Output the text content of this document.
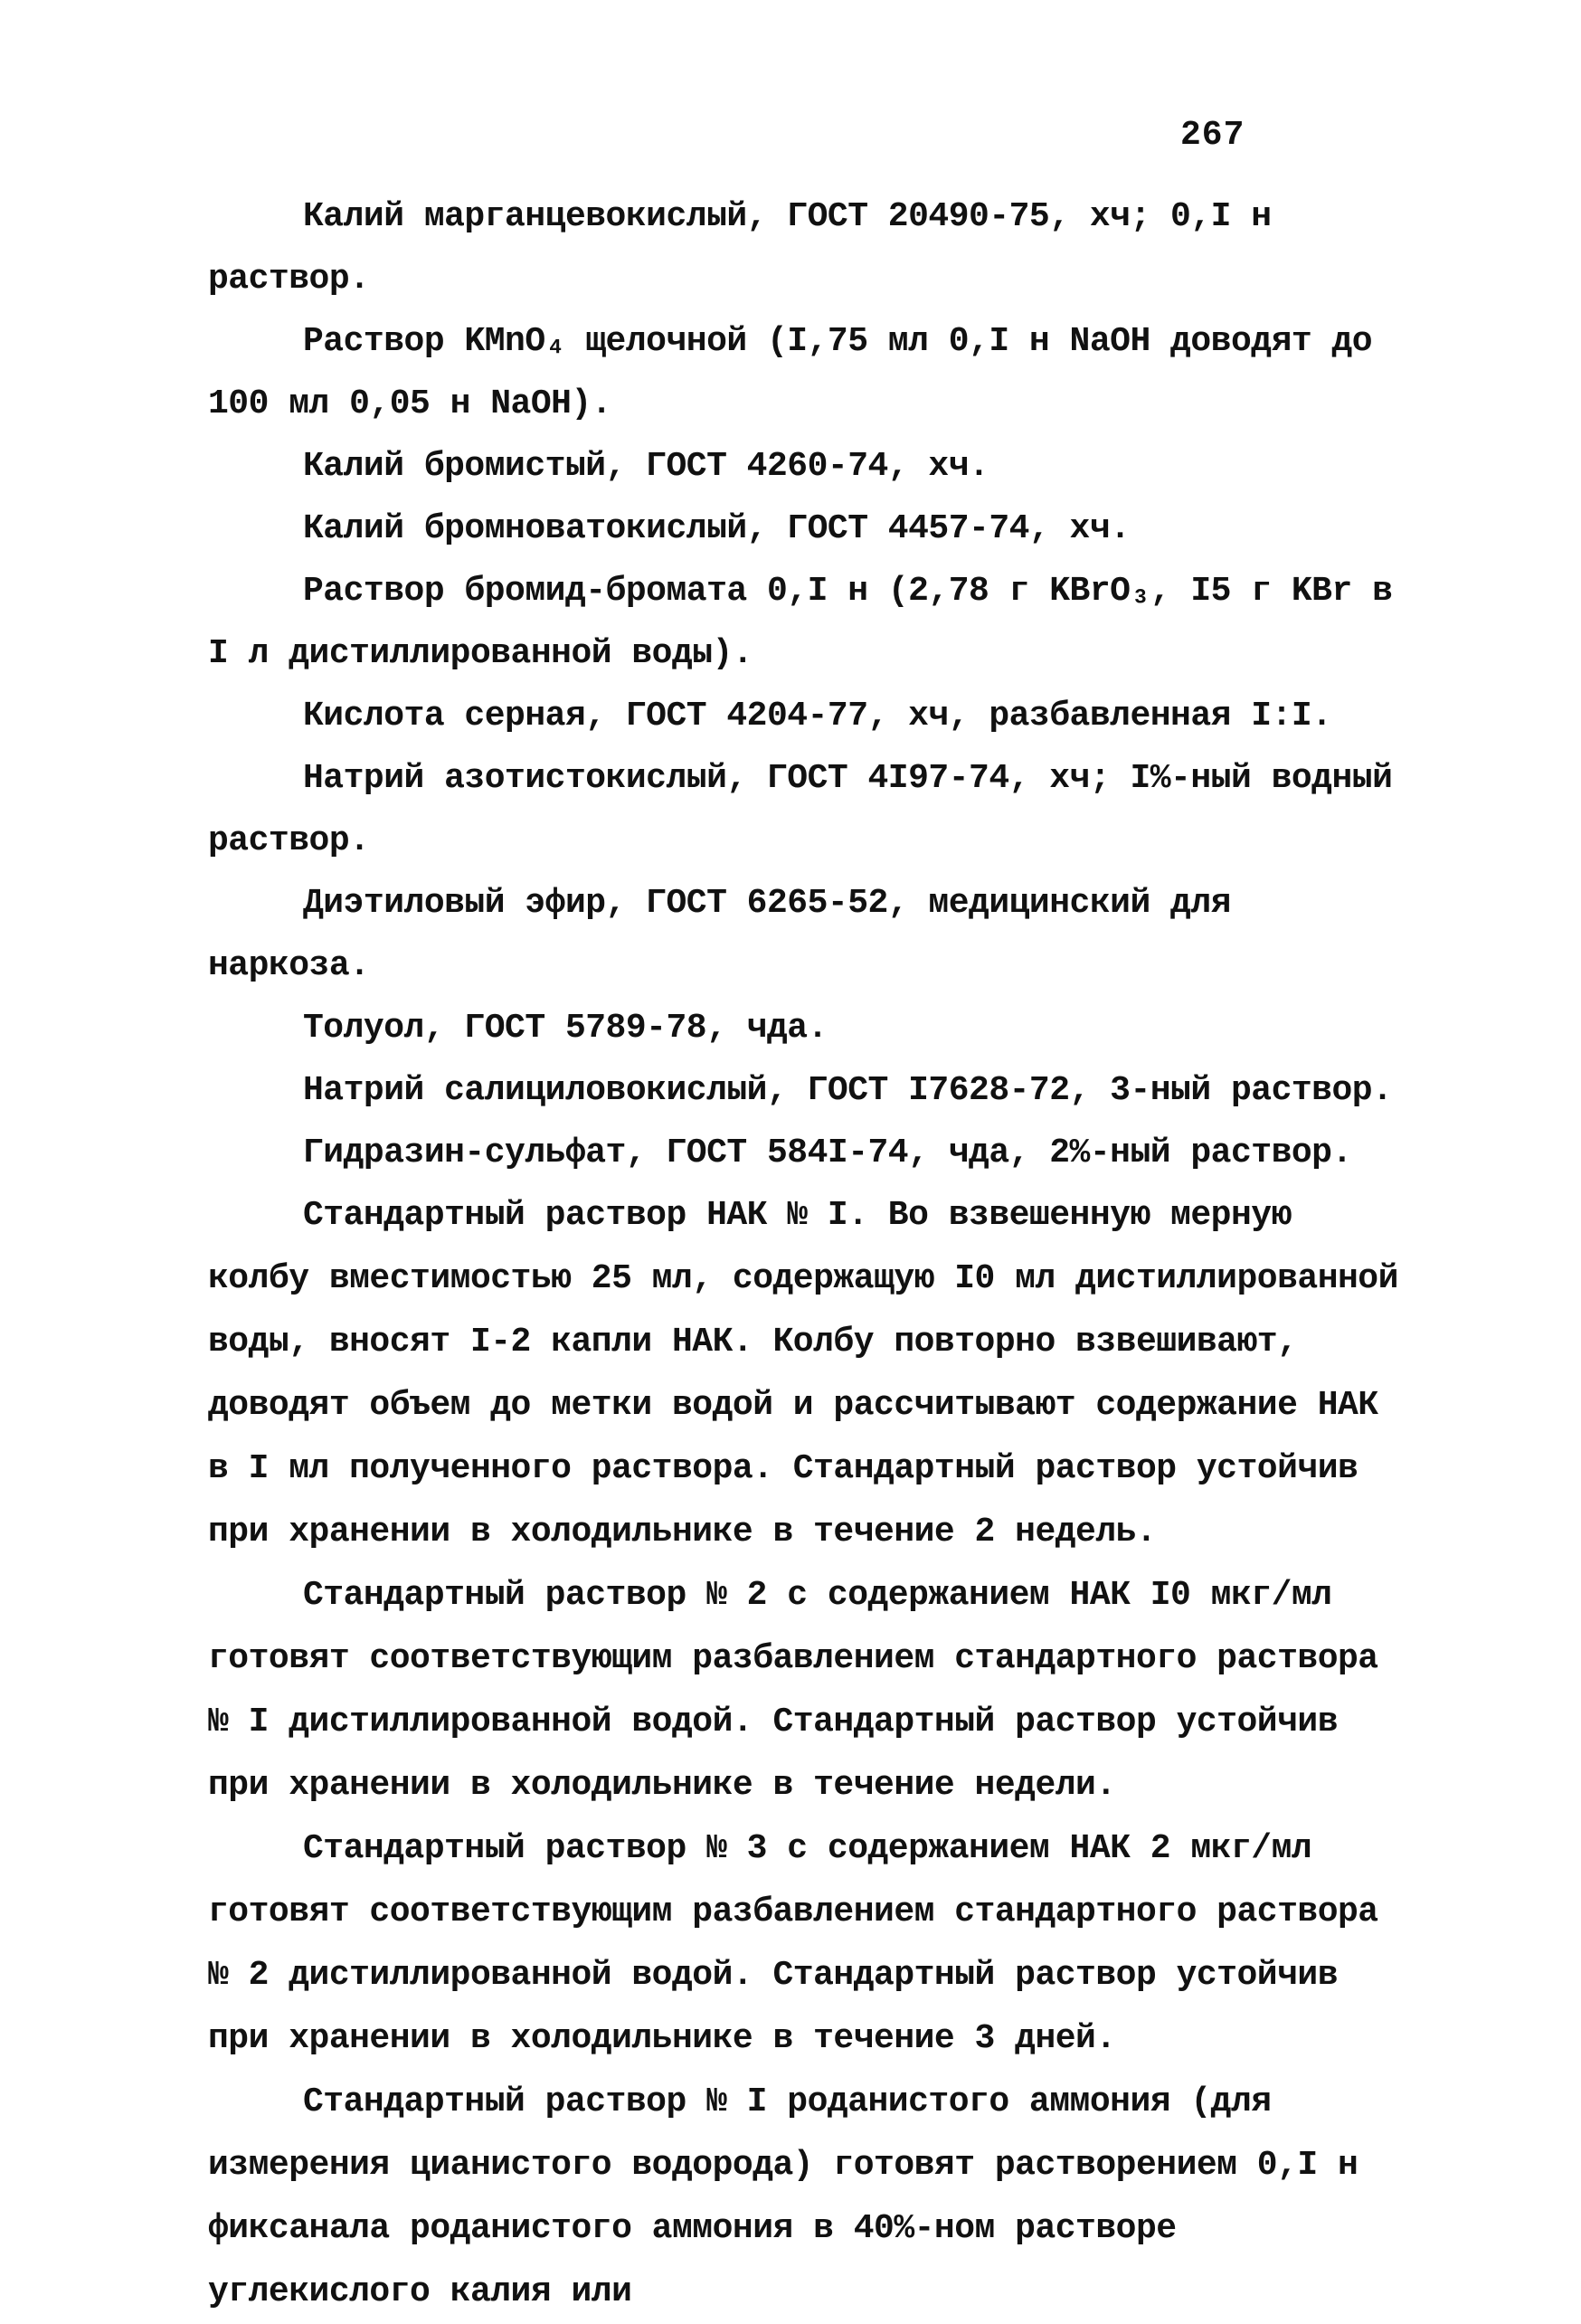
267

Калий марганцевокислый, ГОСТ 20490-75, хч; 0,I н раствор.

Раствор KMnO₄ щелочной (I,75 мл 0,I н NaOH доводят до 100 мл 0,05 н NaOH).

Калий бромистый, ГОСТ 4260-74, хч.

Калий бромноватокислый, ГОСТ 4457-74, хч.

Раствор бромид-бромата 0,I н (2,78 г KBrO₃, I5 г KBr в I л дистиллированной воды).

Кислота серная, ГОСТ 4204-77, хч, разбавленная I:I.

Натрий азотистокислый, ГОСТ 4I97-74, хч; I%-ный водный раствор.

Диэтиловый эфир, ГОСТ 6265-52, медицинский для наркоза.

Толуол, ГОСТ 5789-78, чда.

Натрий салициловокислый, ГОСТ I7628-72, 3-ный раствор.

Гидразин-сульфат, ГОСТ 584I-74, чда, 2%-ный раствор.

Стандартный раствор НАК № I. Во взвешенную мерную колбу вместимостью 25 мл, содержащую I0 мл дистиллированной воды, вносят I-2 капли НАК. Колбу повторно взвешивают, доводят объем до метки водой и рассчитывают содержание НАК в I мл полученного раствора. Стандартный раствор устойчив при хранении в холодильнике в течение 2 недель.

Стандартный раствор № 2 с содержанием НАК I0 мкг/мл готовят соответствующим разбавлением стандартного раствора № I дистиллированной водой. Стандартный раствор устойчив при хранении в холодильнике в течение недели.

Стандартный раствор № 3 с содержанием НАК 2 мкг/мл готовят соответствующим разбавлением стандартного раствора № 2 дистиллированной водой. Стандартный раствор устойчив при хранении в холодильнике в течение 3 дней.

Стандартный раствор № I роданистого аммония (для измерения цианистого водорода) готовят растворением 0,I н фиксанала роданистого аммония в 40%-ном растворе углекислого калия или
